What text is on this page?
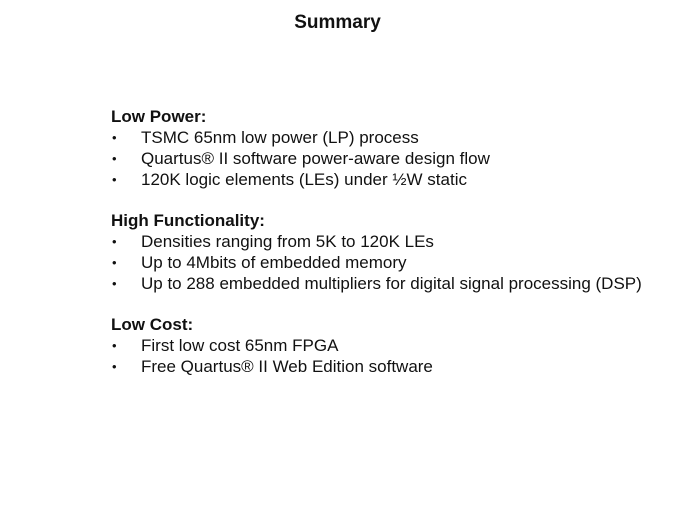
Summary
Low Power:
• TSMC 65nm low power (LP) process
• Quartus® II software power-aware design flow
• 120K logic elements (LEs) under ½W static
High Functionality:
• Densities ranging from 5K to 120K LEs
• Up to 4Mbits of embedded memory
• Up to 288 embedded multipliers for digital signal processing (DSP)
Low Cost:
• First low cost 65nm FPGA
• Free Quartus® II Web Edition software
